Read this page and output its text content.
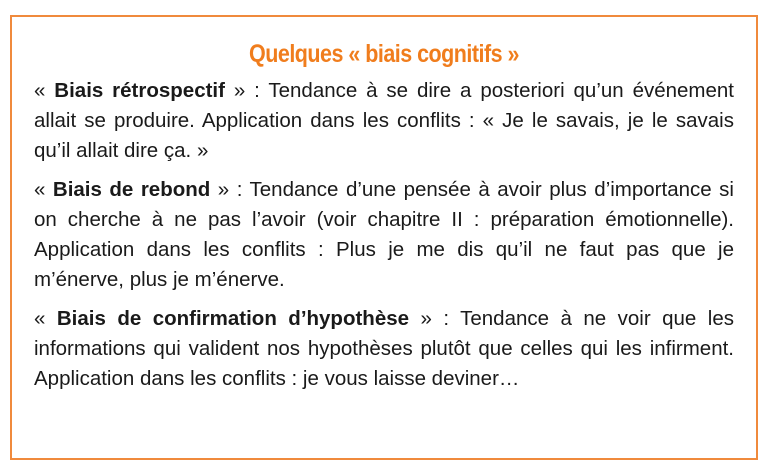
Quelques « biais cognitifs »

« Biais rétrospectif » : Tendance à se dire a posteriori qu’un événement allait se produire. Application dans les conflits : « Je le savais, je le savais qu’il allait dire ça. »

« Biais de rebond » : Tendance d’une pensée à avoir plus d’importance si on cherche à ne pas l’avoir (voir chapitre II : préparation émotionnelle). Application dans les conflits : Plus je me dis qu’il ne faut pas que je m’énerve, plus je m’énerve.

« Biais de confirmation d’hypothèse » : Tendance à ne voir que les informations qui valident nos hypothèses plutôt que celles qui les infirment. Application dans les conflits : je vous laisse deviner…
